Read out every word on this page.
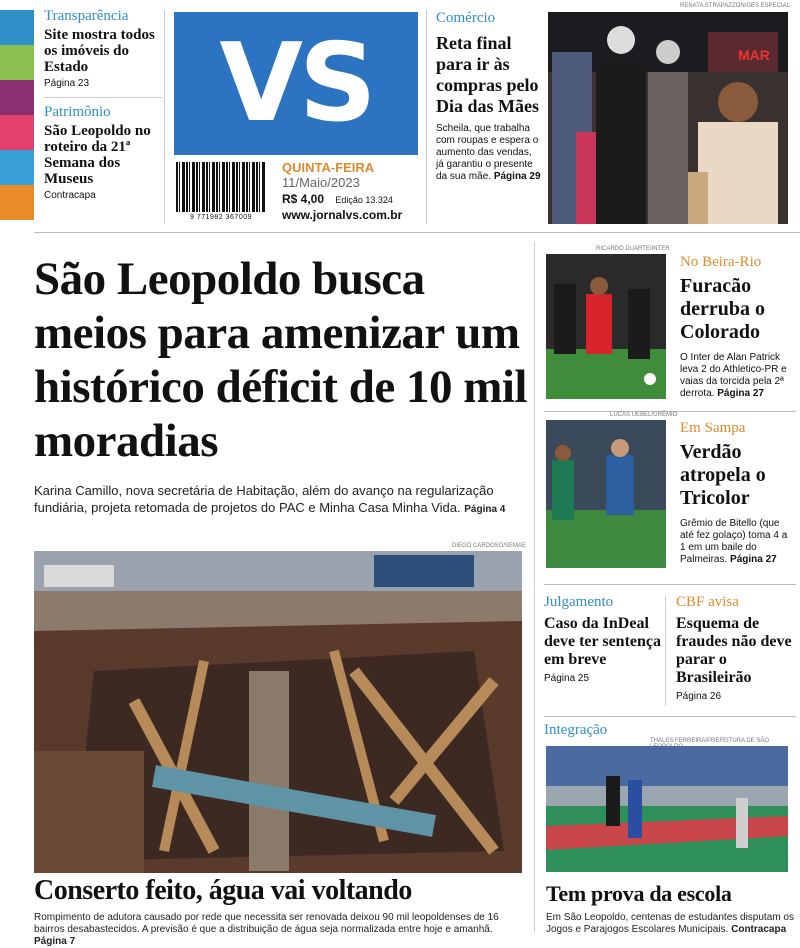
Transparência
Site mostra todos os imóveis do Estado
Página 23
Patrimônio
São Leopoldo no roteiro da 21ª Semana dos Museus
Contracapa
VS
9 771982 367009
QUINTA-FEIRA
11/Maio/2023
R$ 4,00 Edição 13.324
www.jornalvs.com.br
Comércio
Reta final para ir às compras pelo Dia das Mães
Scheila, que trabalha com roupas e espera o aumento das vendas, já garantiu o presente da sua mãe. Página 29
RENATA STRAPAZZON/GES ESPECIAL
MAR
São Leopoldo busca meios para amenizar um histórico déficit de 10 mil moradias
Karina Camillo, nova secretária de Habitação, além do avanço na regularização fundiária, projeta retomada de projetos do PAC e Minha Casa Minha Vida. Página 4
DIEGO CARDOSO/SEMAE
RICARDO DUARTE/INTER
No Beira-Rio
Furacão derruba o Colorado
O Inter de Alan Patrick leva 2 do Athletico-PR e vaias da torcida pela 2ª derrota. Página 27
LUCAS UEBEL/GRÊMIO
Em Sampa
Verdão atropela o Tricolor
Grêmio de Bitello (que até fez golaço) toma 4 a 1 em um baile do Palmeiras. Página 27
Julgamento
Caso da InDeal deve ter sentença em breve
Página 25
CBF avisa
Esquema de fraudes não deve parar o Brasileirão
Página 26
Integração
THALES FERREIRA/PREFEITURA DE SÃO
Conserto feito, água vai voltando
Rompimento de adutora causado por rede que necessita ser renovada deixou 90 mil leopoldenses de 16 bairros desabastecidos. A previsão é que a distribuição de água seja normalizada entre hoje e amanhã. Página 7
Tem prova da escola
Em São Leopoldo, centenas de estudantes disputam os Jogos e Parajogos Escolares Municipais. Contracapa
